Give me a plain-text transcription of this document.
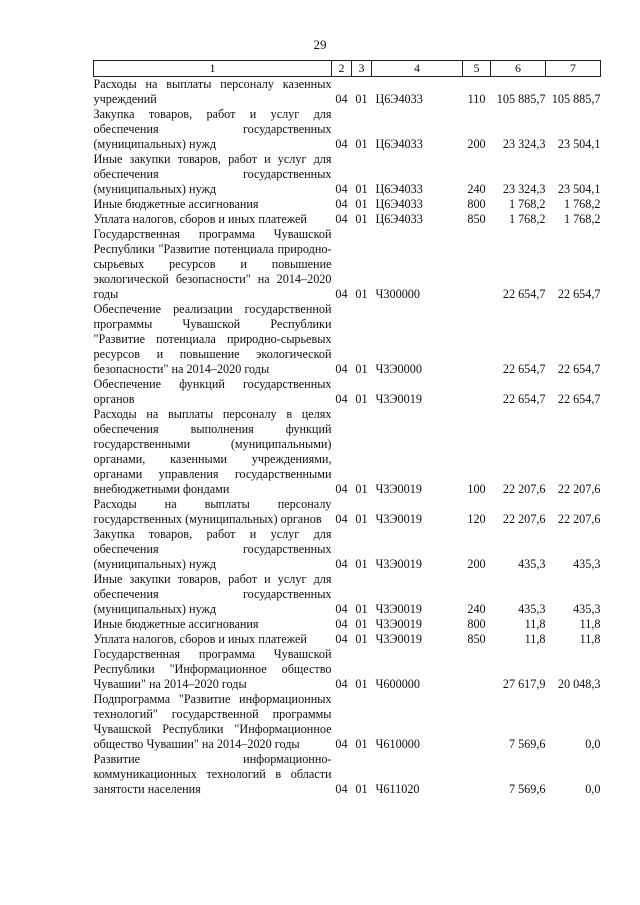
29
1	2	3	4	5	6	7
Расходы на выплаты персоналу казенных учреждений	04	01	Ц6Э4033	110	105 885,7	105 885,7
Закупка товаров, работ и услуг для обеспечения государственных (муниципальных) нужд	04	01	Ц6Э4033	200	23 324,3	23 504,1
Иные закупки товаров, работ и услуг для обеспечения государственных (муниципальных) нужд	04	01	Ц6Э4033	240	23 324,3	23 504,1
Иные бюджетные ассигнования	04	01	Ц6Э4033	800	1 768,2	1 768,2
Уплата налогов, сборов и иных платежей	04	01	Ц6Э4033	850	1 768,2	1 768,2
Государственная программа Чувашской Республики "Развитие потенциала природно-сырьевых ресурсов и повышение экологической безопасности" на 2014–2020 годы	04	01	Ч300000		22 654,7	22 654,7
Обеспечение реализации государственной программы Чувашской Республики "Развитие потенциала природно-сырьевых ресурсов и повышение экологической безопасности" на 2014–2020 годы	04	01	Ч3Э0000		22 654,7	22 654,7
Обеспечение функций государственных органов	04	01	Ч3Э0019		22 654,7	22 654,7
Расходы на выплаты персоналу в целях обеспечения выполнения функций государственными (муниципальными) органами, казенными учреждениями, органами управления государственными внебюджетными фондами	04	01	Ч3Э0019	100	22 207,6	22 207,6
Расходы на выплаты персоналу государственных (муниципальных) органов	04	01	Ч3Э0019	120	22 207,6	22 207,6
Закупка товаров, работ и услуг для обеспечения государственных (муниципальных) нужд	04	01	Ч3Э0019	200	435,3	435,3
Иные закупки товаров, работ и услуг для обеспечения государственных (муниципальных) нужд	04	01	Ч3Э0019	240	435,3	435,3
Иные бюджетные ассигнования	04	01	Ч3Э0019	800	11,8	11,8
Уплата налогов, сборов и иных платежей	04	01	Ч3Э0019	850	11,8	11,8
Государственная программа Чувашской Республики "Информационное общество Чувашии" на 2014–2020 годы	04	01	Ч600000		27 617,9	20 048,3
Подпрограмма "Развитие информационных технологий" государственной программы Чувашской Республики "Информационное общество Чувашии" на 2014–2020 годы	04	01	Ч610000		7 569,6	0,0
Развитие информационно-коммуникационных технологий в области занятости населения	04	01	Ч611020		7 569,6	0,0
